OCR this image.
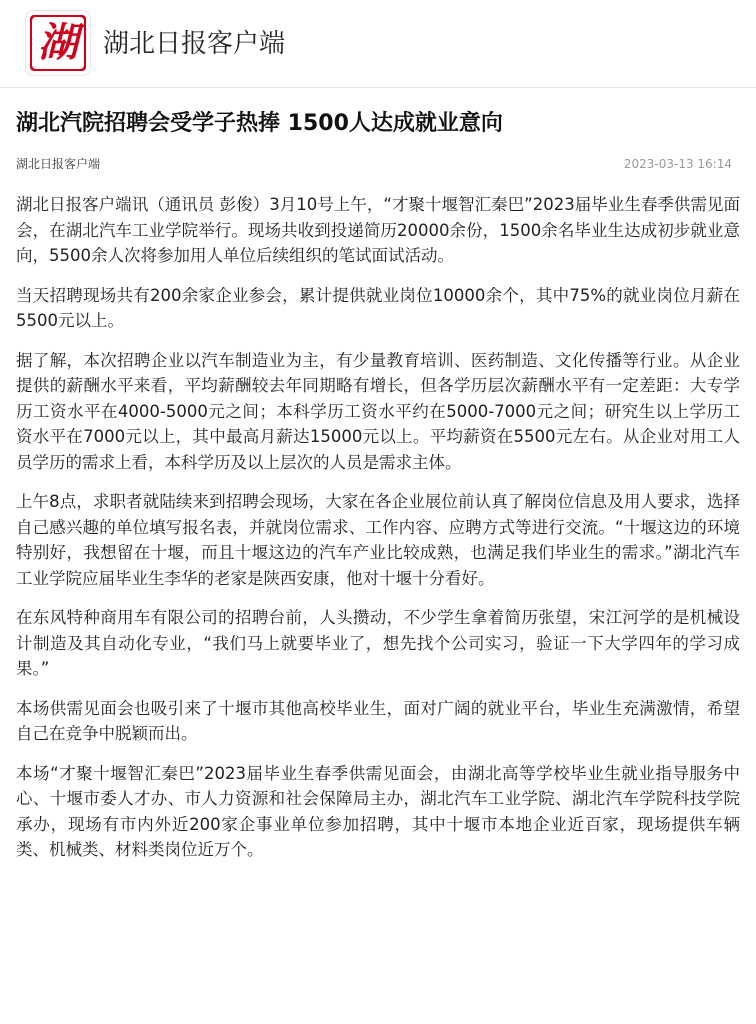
湖 湖北日报客户端
湖北汽院招聘会受学子热捧 1500人达成就业意向
湖北日报客户端	2023-03-13 16:14

湖北日报客户端讯（通讯员 彭俊）3月10号上午，“才聚十堰智汇秦巴”2023届毕业生春季供需见面会，在湖北汽车工业学院举行。现场共收到投递简历20000余份，1500余名毕业生达成初步就业意向，5500余人次将参加用人单位后续组织的笔试面试活动。

当天招聘现场共有200余家企业参会，累计提供就业岗位10000余个，其中75%的就业岗位月薪在5500元以上。

据了解，本次招聘企业以汽车制造业为主，有少量教育培训、医药制造、文化传播等行业。从企业提供的薪酬水平来看，平均薪酬较去年同期略有增长，但各学历层次薪酬水平有一定差距：大专学历工资水平在4000-5000元之间；本科学历工资水平约在5000-7000元之间；研究生以上学历工资水平在7000元以上，其中最高月薪达15000元以上。平均薪资在5500元左右。从企业对用工人员学历的需求上看，本科学历及以上层次的人员是需求主体。

上午8点，求职者就陆续来到招聘会现场，大家在各企业展位前认真了解岗位信息及用人要求，选择自己感兴趣的单位填写报名表，并就岗位需求、工作内容、应聘方式等进行交流。“十堰这边的环境特别好，我想留在十堰，而且十堰这边的汽车产业比较成熟，也满足我们毕业生的需求。”湖北汽车工业学院应届毕业生李华的老家是陕西安康，他对十堰十分看好。

在东风特种商用车有限公司的招聘台前，人头攒动，不少学生拿着简历张望，宋江河学的是机械设计制造及其自动化专业，“我们马上就要毕业了，想先找个公司实习，验证一下大学四年的学习成果。”

本场供需见面会也吸引来了十堰市其他高校毕业生，面对广阔的就业平台，毕业生充满激情，希望自己在竞争中脱颖而出。

本场“才聚十堰智汇秦巴”2023届毕业生春季供需见面会，由湖北高等学校毕业生就业指导服务中心、十堰市委人才办、市人力资源和社会保障局主办，湖北汽车工业学院、湖北汽车学院科技学院承办，现场有市内外近200家企事业单位参加招聘，其中十堰市本地企业近百家，现场提供车辆类、机械类、材料类岗位近万个。
